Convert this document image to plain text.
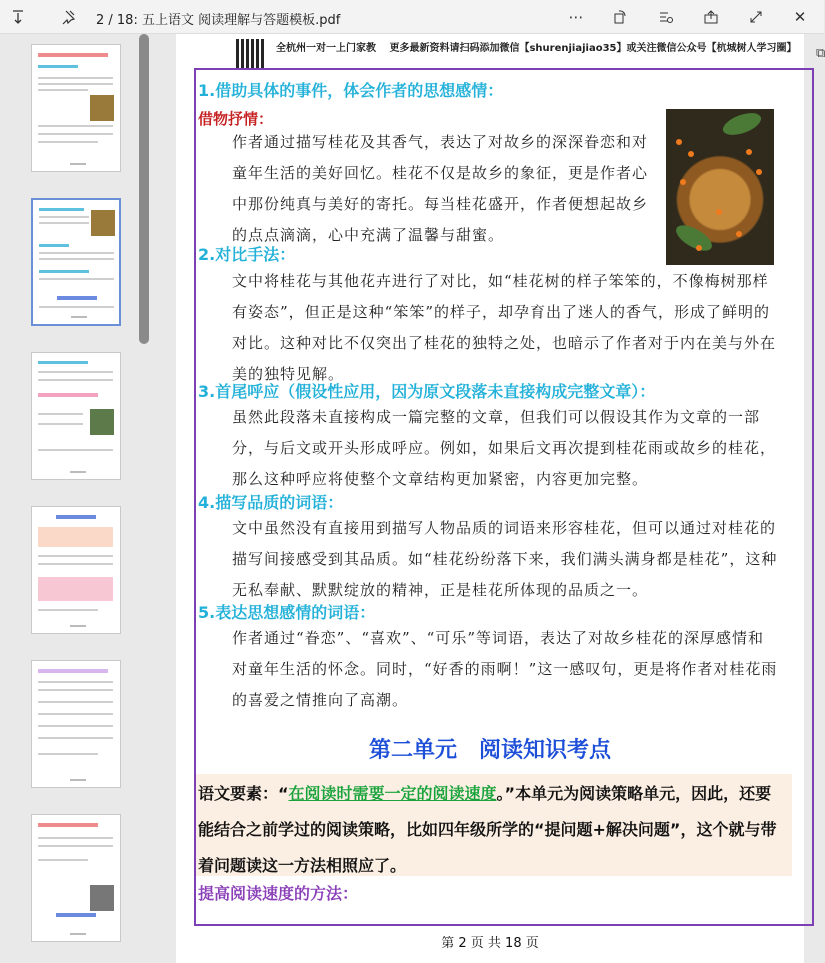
2 / 18: 五上语文 阅读理解与答题模板.pdf	⋯	✕
全杭州一对一上门家教 　更多最新资料请扫码添加微信【shurenjiajiao35】或关注微信公众号【杭城树人学习圈】 ⧉
1.借助具体的事件，体会作者的思想感情：
借物抒情：
作者通过描写桂花及其香气，表达了对故乡的深深眷恋和对童年生活的美好回忆。桂花不仅是故乡的象征，更是作者心中那份纯真与美好的寄托。每当桂花盛开，作者便想起故乡的点点滴滴，心中充满了温馨与甜蜜。
2.对比手法：
文中将桂花与其他花卉进行了对比，如“桂花树的样子笨笨的，不像梅树那样有姿态”，但正是这种“笨笨”的样子，却孕育出了迷人的香气，形成了鲜明的对比。这种对比不仅突出了桂花的独特之处，也暗示了作者对于内在美与外在美的独特见解。
3.首尾呼应（假设性应用，因为原文段落未直接构成完整文章）：
虽然此段落未直接构成一篇完整的文章，但我们可以假设其作为文章的一部分，与后文或开头形成呼应。例如，如果后文再次提到桂花雨或故乡的桂花，那么这种呼应将使整个文章结构更加紧密，内容更加完整。
4.描写品质的词语：
文中虽然没有直接用到描写人物品质的词语来形容桂花，但可以通过对桂花的描写间接感受到其品质。如“桂花纷纷落下来，我们满头满身都是桂花”，这种无私奉献、默默绽放的精神，正是桂花所体现的品质之一。
5.表达思想感情的词语：
作者通过“眷恋”、“喜欢”、“可乐”等词语，表达了对故乡桂花的深厚感情和对童年生活的怀念。同时，“好香的雨啊！”这一感叹句，更是将作者对桂花雨的喜爱之情推向了高潮。
第二单元　阅读知识考点
语文要素：“在阅读时需要一定的阅读速度。”本单元为阅读策略单元，因此，还要能结合之前学过的阅读策略，比如四年级所学的“提问题+解决问题”，这个就与带着问题读这一方法相照应了。
提高阅读速度的方法：
第 2 页 共 18 页
